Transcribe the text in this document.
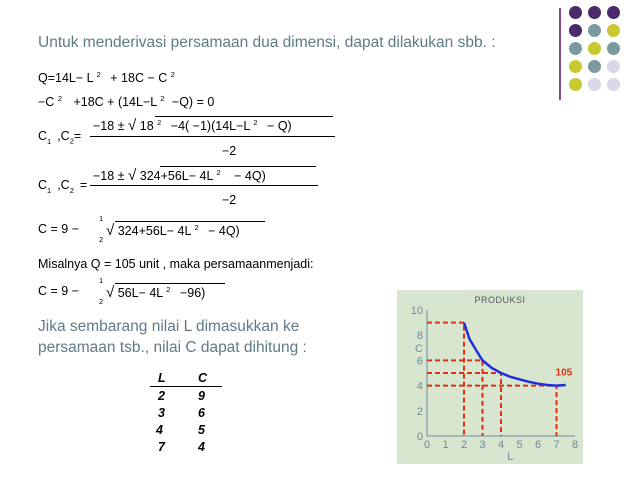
Untuk menderivasi persamaan dua dimensi, dapat dilakukan sbb. :
Q=14L− L $^2$ + 18C − C $^2$
−C $^2$ +18C + (14L−L $^2$ −Q) = 0
−18 ± √ 18 $^2$ −4( −1)(14L−L $^2$ − Q)
$C_1$ $,C_2=$
−2
−18 ± √ 324+56L− 4L $^2$ − 4Q)
$C_1$ $,C_2$ =
−2
C = 9 −
1
2
√ 324+56L− 4L $^2$ − 4Q)
Misalnya Q = 105 unit , maka persamaanmenjadi:
C = 9 −
1
2
√ 56L− 4L $^2$ −96)
Jika sembarang nilai L dimasukkan ke
persamaan tsb., nilai C dapat dihitung :
L	C
2	9
3	6
4	5
7	4
PRODUKSI
0 1 2 3 4 5 6 7 8
0
2
4
6
8
10
L
C
105
